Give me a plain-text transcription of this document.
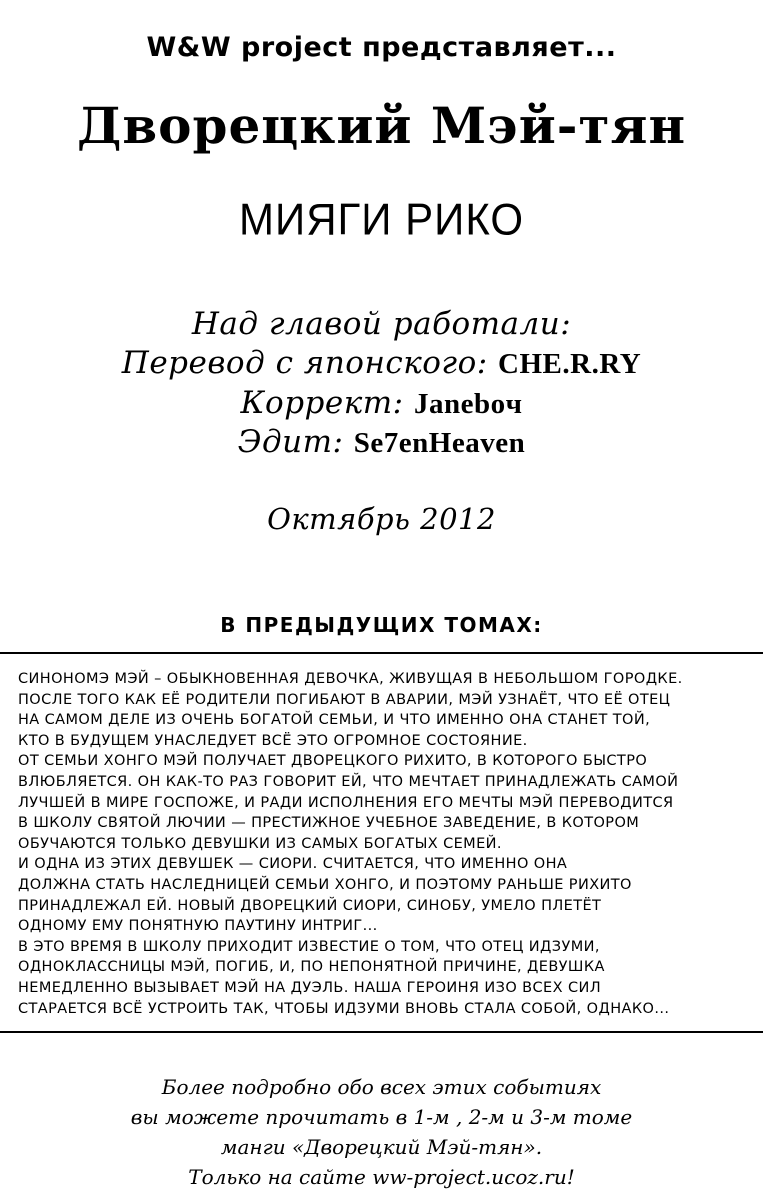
W&W project представляет...
Дворецкий Мэй-тян
МИЯГИ РИКО
Над главой работали:
Перевод с японского: CHE.R.RY
Коррект: Janeboч
Эдит: Se7enHeaven
Октябрь 2012
В ПРЕДЫДУЩИХ ТОМАХ:
СИНОНОМЭ МЭЙ – ОБЫКНОВЕННАЯ ДЕВОЧКА, ЖИВУЩАЯ В НЕБОЛЬШОМ ГОРОДКЕ.
ПОСЛЕ ТОГО КАК ЕЁ РОДИТЕЛИ ПОГИБАЮТ В АВАРИИ, МЭЙ УЗНАЁТ, ЧТО ЕЁ ОТЕЦ
НА САМОМ ДЕЛЕ ИЗ ОЧЕНЬ БОГАТОЙ СЕМЬИ, И ЧТО ИМЕННО ОНА СТАНЕТ ТОЙ,
КТО В БУДУЩЕМ УНАСЛЕДУЕТ ВСЁ ЭТО ОГРОМНОЕ СОСТОЯНИЕ.
ОТ СЕМЬИ ХОНГО МЭЙ ПОЛУЧАЕТ ДВОРЕЦКОГО РИХИТО, В КОТОРОГО БЫСТРО
ВЛЮБЛЯЕТСЯ. ОН КАК-ТО РАЗ ГОВОРИТ ЕЙ, ЧТО МЕЧТАЕТ ПРИНАДЛЕЖАТЬ САМОЙ
ЛУЧШЕЙ В МИРЕ ГОСПОЖЕ, И РАДИ ИСПОЛНЕНИЯ ЕГО МЕЧТЫ МЭЙ ПЕРЕВОДИТСЯ
В ШКОЛУ СВЯТОЙ ЛЮЧИИ — ПРЕСТИЖНОЕ УЧЕБНОЕ ЗАВЕДЕНИЕ, В КОТОРОМ
ОБУЧАЮТСЯ ТОЛЬКО ДЕВУШКИ ИЗ САМЫХ БОГАТЫХ СЕМЕЙ.
И ОДНА ИЗ ЭТИХ ДЕВУШЕК — СИОРИ. СЧИТАЕТСЯ, ЧТО ИМЕННО ОНА
ДОЛЖНА СТАТЬ НАСЛЕДНИЦЕЙ СЕМЬИ ХОНГО, И ПОЭТОМУ РАНЬШЕ РИХИТО
ПРИНАДЛЕЖАЛ ЕЙ. НОВЫЙ ДВОРЕЦКИЙ СИОРИ, СИНОБУ, УМЕЛО ПЛЕТЁТ
ОДНОМУ ЕМУ ПОНЯТНУЮ ПАУТИНУ ИНТРИГ...
В ЭТО ВРЕМЯ В ШКОЛУ ПРИХОДИТ ИЗВЕСТИЕ О ТОМ, ЧТО ОТЕЦ ИДЗУМИ,
ОДНОКЛАССНИЦЫ МЭЙ, ПОГИБ, И, ПО НЕПОНЯТНОЙ ПРИЧИНЕ, ДЕВУШКА
НЕМЕДЛЕННО ВЫЗЫВАЕТ МЭЙ НА ДУЭЛЬ. НАША ГЕРОИНЯ ИЗО ВСЕХ СИЛ
СТАРАЕТСЯ ВСЁ УСТРОИТЬ ТАК, ЧТОБЫ ИДЗУМИ ВНОВЬ СТАЛА СОБОЙ, ОДНАКО...
Более подробно обо всех этих событиях
вы можете прочитать в 1-м , 2-м и 3-м томе
манги «Дворецкий Мэй-тян».
Только на сайте ww-project.ucoz.ru!
